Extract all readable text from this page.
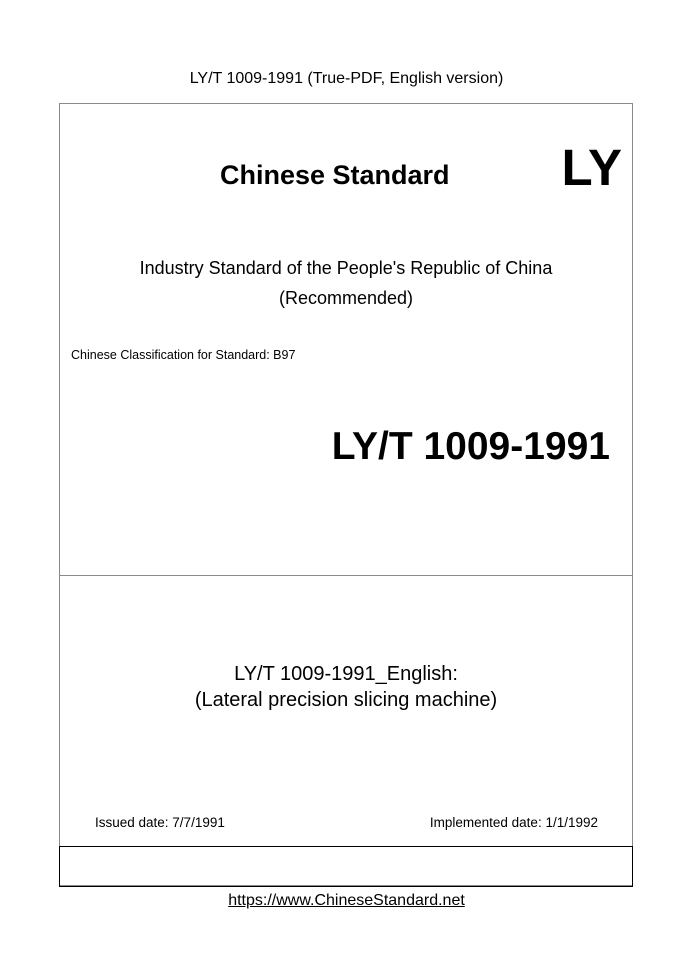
LY/T 1009-1991 (True-PDF, English version)
Chinese Standard LY
Industry Standard of the People's Republic of China
(Recommended)
Chinese Classification for Standard: B97
LY/T 1009-1991
LY/T 1009-1991_English:
(Lateral precision slicing machine)
Issued date: 7/7/1991	Implemented date: 1/1/1992
https://www.ChineseStandard.net
